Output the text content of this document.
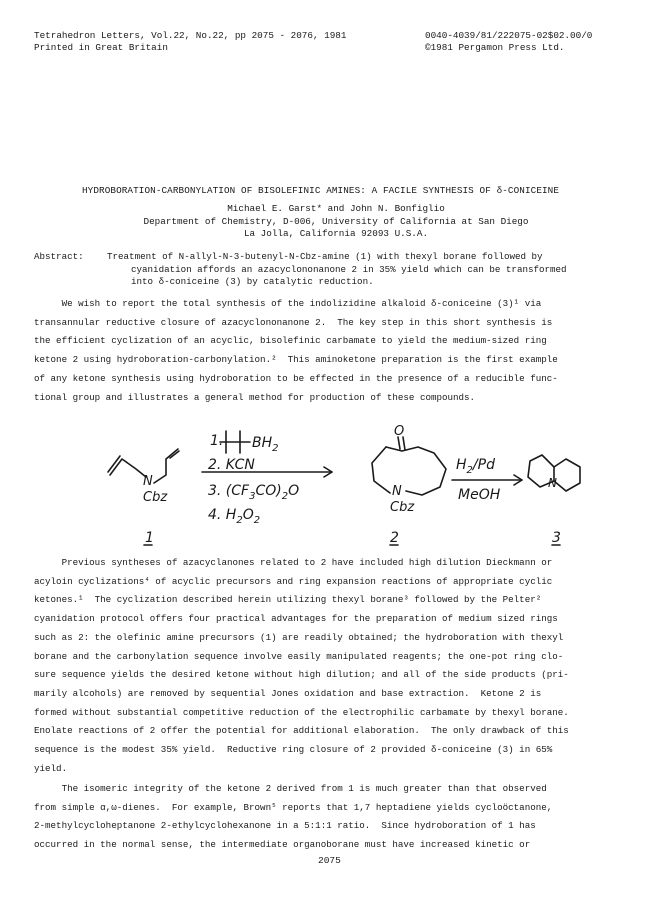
Tetrahedron Letters, Vol.22, No.22, pp 2075 - 2076, 1981
Printed in Great Britain
0040-4039/81/222075-02$02.00/0
©1981 Pergamon Press Ltd.
HYDROBORATION-CARBONYLATION OF BISOLEFINIC AMINES: A FACILE SYNTHESIS OF δ-CONICEINE
Michael E. Garst* and John N. Bonfiglio
Department of Chemistry, D-006, University of California at San Diego
La Jolla, California 92093 U.S.A.
Abstract:	Treatment of N-allyl-N-3-butenyl-N-Cbz-amine (1) with thexyl borane followed by
cyanidation affords an azacyclononanone 2 in 35% yield which can be transformed
into δ-coniceine (3) by catalytic reduction.

We wish to report the total synthesis of the indolizidine alkaloid δ-coniceine (3)¹ via

transannular reductive closure of azacyclononanone 2.  The key step in this short synthesis is

the efficient cyclization of an acyclic, bisolefinic carbamate to yield the medium-sized ring

ketone 2 using hydroboration-carbonylation.²  This aminoketone preparation is the first example

of any ketone synthesis using hydroboration to be effected in the presence of a reducible func-

tional group and illustrates a general method for production of these compounds.

N
Cbz
1. $BH_2$
2. KCN
3. $(CF_3CO)_2O$
4. $H_2O_2$
O
N
Cbz
$H_2/Pd$
MeOH
N
1	2	3

Previous syntheses of azacyclanones related to 2 have included high dilution Dieckmann or

acyloin cyclizations⁴ of acyclic precursors and ring expansion reactions of appropriate cyclic

ketones.¹  The cyclization described herein utilizing thexyl borane³ followed by the Pelter²

cyanidation protocol offers four practical advantages for the preparation of medium sized rings

such as 2: the olefinic amine precursors (1) are readily obtained; the hydroboration with thexyl

borane and the carbonylation sequence involve easily manipulated reagents; the one-pot ring clo-

sure sequence yields the desired ketone without high dilution; and all of the side products (pri-

marily alcohols) are removed by sequential Jones oxidation and base extraction.  Ketone 2 is

formed without substantial competitive reduction of the electrophilic carbamate by thexyl borane.

Enolate reactions of 2 offer the potential for additional elaboration.  The only drawback of this

sequence is the modest 35% yield.  Reductive ring closure of 2 provided δ-coniceine (3) in 65%

yield.

The isomeric integrity of the ketone 2 derived from 1 is much greater than that observed

from simple α,ω-dienes.  For example, Brown⁵ reports that 1,7 heptadiene yields cycloöctanone,

2-methylcycloheptanone 2-ethylcyclohexanone in a 5:1:1 ratio.  Since hydroboration of 1 has

occurred in the normal sense, the intermediate organoborane must have increased kinetic or

2075
